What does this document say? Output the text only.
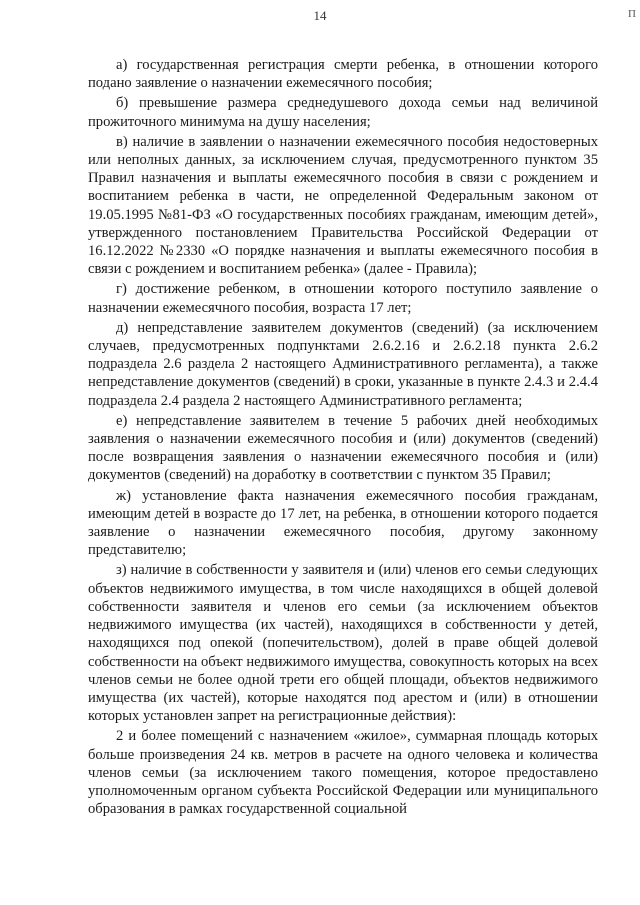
14	П

а) государственная регистрация смерти ребенка, в отношении которого подано заявление о назначении ежемесячного пособия;

б) превышение размера среднедушевого дохода семьи над величиной прожиточного минимума на душу населения;

в) наличие в заявлении о назначении ежемесячного пособия недостоверных или неполных данных, за исключением случая, предусмотренного пунктом 35 Правил назначения и выплаты ежемесячного пособия в связи с рождением и воспитанием ребенка в части, не определенной Федеральным законом от 19.05.1995 №81-ФЗ «О государственных пособиях гражданам, имеющим детей», утвержденного постановлением Правительства Российской Федерации от 16.12.2022 №2330 «О порядке назначения и выплаты ежемесячного пособия в связи с рождением и воспитанием ребенка» (далее - Правила);

г) достижение ребенком, в отношении которого поступило заявление о назначении ежемесячного пособия, возраста 17 лет;

д) непредставление заявителем документов (сведений) (за исключением случаев, предусмотренных подпунктами 2.6.2.16 и 2.6.2.18 пункта 2.6.2 подраздела 2.6 раздела 2 настоящего Административного регламента), а также непредставление документов (сведений) в сроки, указанные в пункте 2.4.3 и 2.4.4 подраздела 2.4 раздела 2 настоящего Административного регламента;

е) непредставление заявителем в течение 5 рабочих дней необходимых заявления о назначении ежемесячного пособия и (или) документов (сведений) после возвращения заявления о назначении ежемесячного пособия и (или) документов (сведений) на доработку в соответствии с пунктом 35 Правил;

ж) установление факта назначения ежемесячного пособия гражданам, имеющим детей в возрасте до 17 лет, на ребенка, в отношении которого подается заявление о назначении ежемесячного пособия, другому законному представителю;

з) наличие в собственности у заявителя и (или) членов его семьи следующих объектов недвижимого имущества, в том числе находящихся в общей долевой собственности заявителя и членов его семьи (за исключением объектов недвижимого имущества (их частей), находящихся в собственности у детей, находящихся под опекой (попечительством), долей в праве общей долевой собственности на объект недвижимого имущества, совокупность которых на всех членов семьи не более одной трети его общей площади, объектов недвижимого имущества (их частей), которые находятся под арестом и (или) в отношении которых установлен запрет на регистрационные действия):

2 и более помещений с назначением «жилое», суммарная площадь которых больше произведения 24 кв. метров в расчете на одного человека и количества членов семьи (за исключением такого помещения, которое предоставлено уполномоченным органом субъекта Российской Федерации или муниципального образования в рамках государственной социальной
